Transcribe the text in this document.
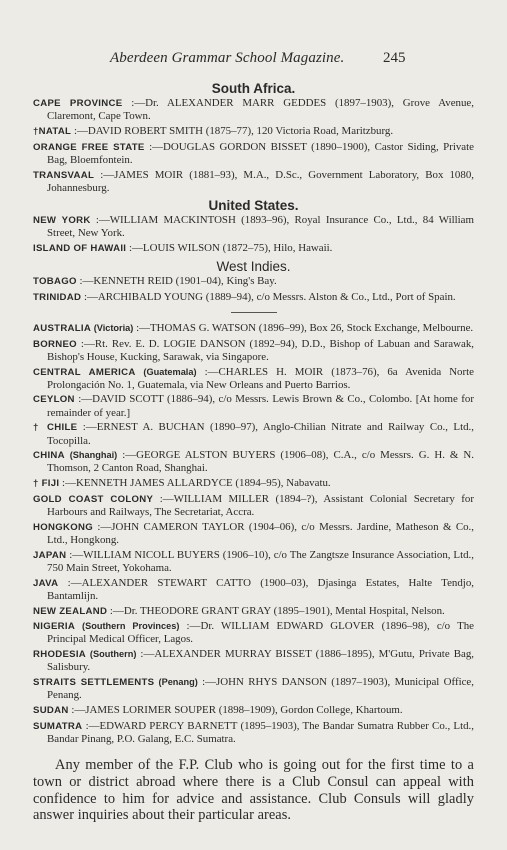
Aberdeen Grammar School Magazine.	245

South Africa.

CAPE PROVINCE :—Dr. ALEXANDER MARR GEDDES (1897–1903), Grove Avenue, Claremont, Cape Town.

†NATAL :—DAVID ROBERT SMITH (1875–77), 120 Victoria Road, Maritzburg.

ORANGE FREE STATE :—DOUGLAS GORDON BISSET (1890–1900), Castor Siding, Private Bag, Bloemfontein.

TRANSVAAL :—JAMES MOIR (1881–93), M.A., D.Sc., Government Laboratory, Box 1080, Johannesburg.

United States.

NEW YORK :—WILLIAM MACKINTOSH (1893–96), Royal Insurance Co., Ltd., 84 William Street, New York.

ISLAND OF HAWAII :—LOUIS WILSON (1872–75), Hilo, Hawaii.

West Indies.

TOBAGO :—KENNETH REID (1901–04), King's Bay.

TRINIDAD :—ARCHIBALD YOUNG (1889–94), c/o Messrs. Alston & Co., Ltd., Port of Spain.

AUSTRALIA (Victoria) :—THOMAS G. WATSON (1896–99), Box 26, Stock Exchange, Melbourne.

BORNEO :—Rt. Rev. E. D. LOGIE DANSON (1892–94), D.D., Bishop of Labuan and Sarawak, Bishop's House, Kucking, Sarawak, via Singapore.

CENTRAL AMERICA (Guatemala) :—CHARLES H. MOIR (1873–76), 6a Avenida Norte Prolongación No. 1, Guatemala, via New Orleans and Puerto Barrios.

CEYLON :—DAVID SCOTT (1886–94), c/o Messrs. Lewis Brown & Co., Colombo. [At home for remainder of year.]

† CHILE :—ERNEST A. BUCHAN (1890–97), Anglo-Chilian Nitrate and Railway Co., Ltd., Tocopilla.

CHINA (Shanghai) :—GEORGE ALSTON BUYERS (1906–08), C.A., c/o Messrs. G. H. & N. Thomson, 2 Canton Road, Shanghai.

† FIJI :—KENNETH JAMES ALLARDYCE (1894–95), Nabavatu.

GOLD COAST COLONY :—WILLIAM MILLER (1894–?), Assistant Colonial Secretary for Harbours and Railways, The Secretariat, Accra.

HONGKONG :—JOHN CAMERON TAYLOR (1904–06), c/o Messrs. Jardine, Matheson & Co., Ltd., Hongkong.

JAPAN :—WILLIAM NICOLL BUYERS (1906–10), c/o The Zangtsze Insurance Association, Ltd., 750 Main Street, Yokohama.

JAVA :—ALEXANDER STEWART CATTO (1900–03), Djasinga Estates, Halte Tendjo, Bantamlijn.

NEW ZEALAND :—Dr. THEODORE GRANT GRAY (1895–1901), Mental Hospital, Nelson.

NIGERIA (Southern Provinces) :—Dr. WILLIAM EDWARD GLOVER (1896–98), c/o The Principal Medical Officer, Lagos.

RHODESIA (Southern) :—ALEXANDER MURRAY BISSET (1886–1895), M'Gutu, Private Bag, Salisbury.

STRAITS SETTLEMENTS (Penang) :—JOHN RHYS DANSON (1897–1903), Municipal Office, Penang.

SUDAN :—JAMES LORIMER SOUPER (1898–1909), Gordon College, Khartoum.

SUMATRA :—EDWARD PERCY BARNETT (1895–1903), The Bandar Sumatra Rubber Co., Ltd., Bandar Pinang, P.O. Galang, E.C. Sumatra.

Any member of the F.P. Club who is going out for the first time to a town or district abroad where there is a Club Consul can appeal with confidence to him for advice and assistance. Club Consuls will gladly answer inquiries about their particular areas.
